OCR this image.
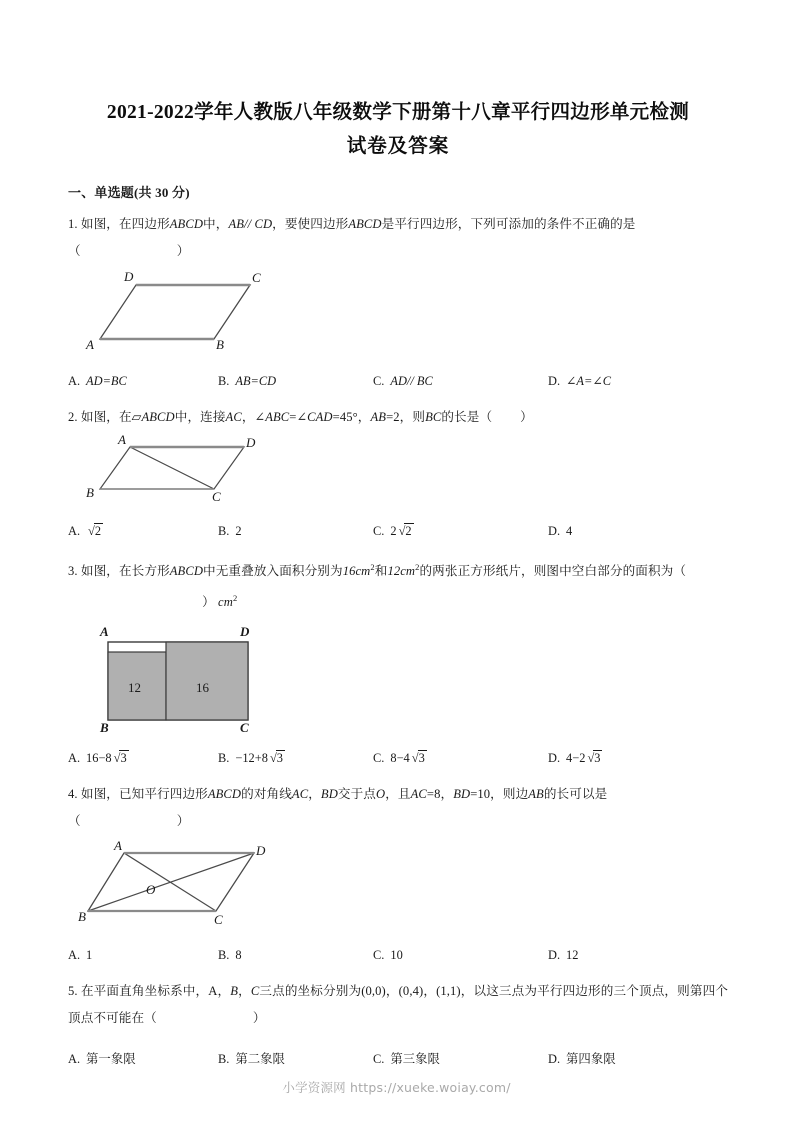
2021-2022学年人教版八年级数学下册第十八章平行四边形单元检测
试卷及答案
一、单选题(共 30 分)
1. 如图，在四边形ABCD中，AB// CD，要使四边形ABCD是平行四边形，下列可添加的条件不正确的是
（	）
A	B
C
D
A. AD=BC	B. AB=CD	C. AD// BC	D. ∠A=∠C
2. 如图，在▱ABCD中，连接AC，∠ABC=∠CAD=45°，AB=2，则BC的长是（ ）
A
B	C
D
A. √2	B. 2	C. 2 √2	D. 4
3. 如图，在长方形ABCD中无重叠放入面积分别为$16cm^2$和$12cm^2$的两张正方形纸片，则图中空白部分的面积为（
） $cm^2$
12	16
A	D
B	C
A. 16−8 √3	B. −12+8 √3	C. 8−4 √3	D. 4−2 √3
4. 如图，已知平行四边形ABCD的对角线AC，BD交于点O，且AC=8，BD=10，则边AB的长可以是
（	）
A
B	C
D
O
A. 1	B. 8	C. 10	D. 12
5. 在平面直角坐标系中，A，B，C三点的坐标分别为(0,0)，(0,4)，(1,1)，以这三点为平行四边形的三个顶点，则第四个顶点不可能在（	）
A. 第一象限	B. 第二象限	C. 第三象限	D. 第四象限
小学资源网 https://xueke.woiay.com/
